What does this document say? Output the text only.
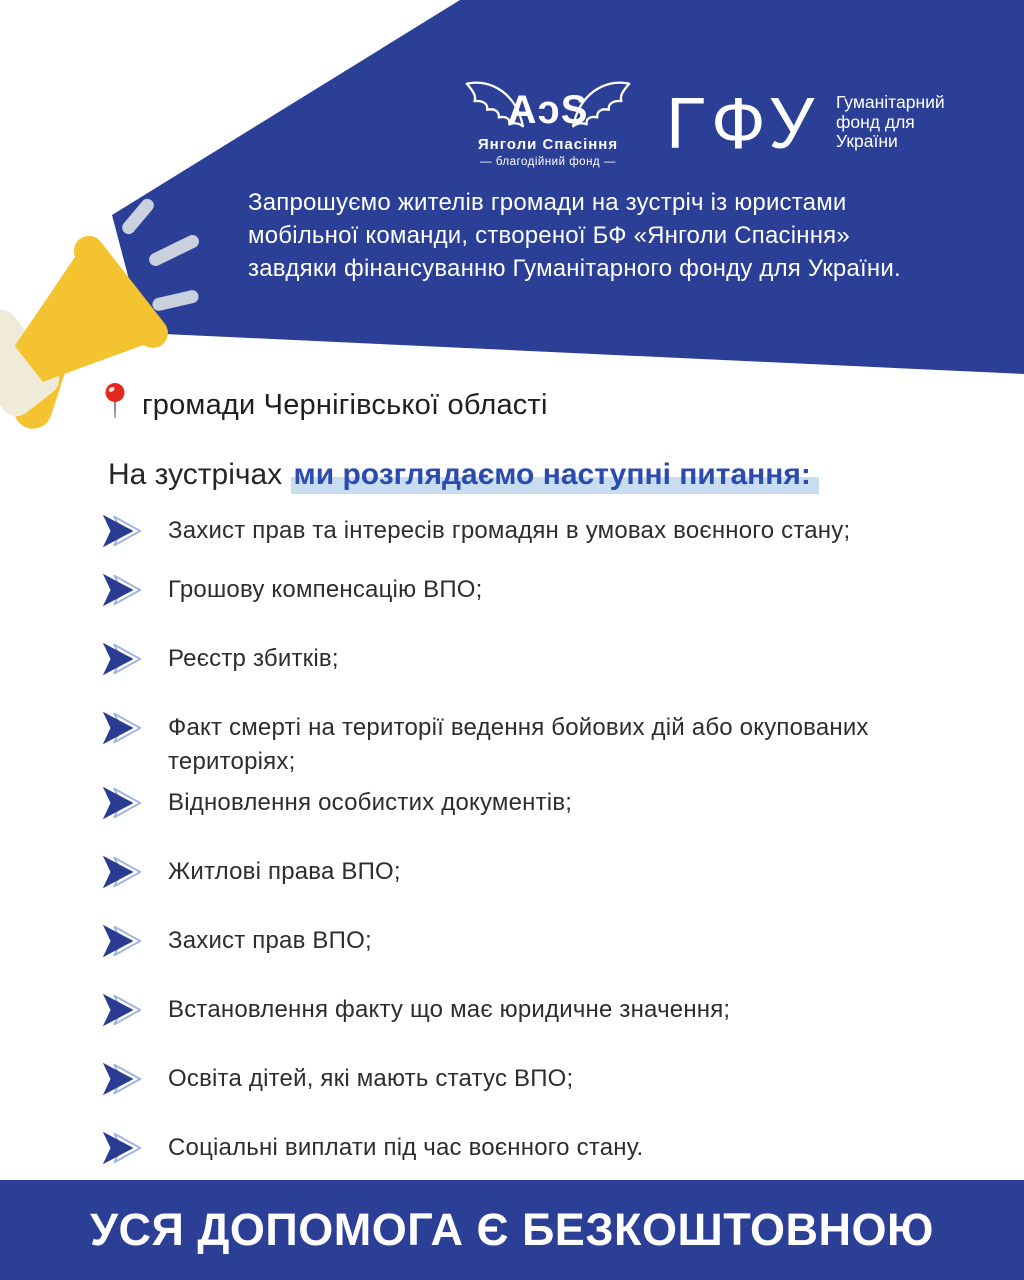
AɔS
Янголи Спасіння
— благодійний фонд — ГФУ Гуманітарний
фонд для
України
Запрошуємо жителів громади на зустріч із юристами
мобільної команди, створеної БФ «Янголи Спасіння»
завдяки фінансуванню Гуманітарного фонду для України.
громади Чернігівської області
На зустрічах ми розглядаємо наступні питання:
Захист прав та інтересів громадян в умовах воєнного стану;
Грошову компенсацію ВПО;
Реєстр збитків;
Факт смерті на території ведення бойових дій або окупованих територіях;
Відновлення особистих документів;
Житлові права ВПО;
Захист прав ВПО;
Встановлення факту що має юридичне значення;
Освіта дітей, які мають статус ВПО;
Соціальні виплати під час воєнного стану.
УСЯ ДОПОМОГА Є БЕЗКОШТОВНОЮ
